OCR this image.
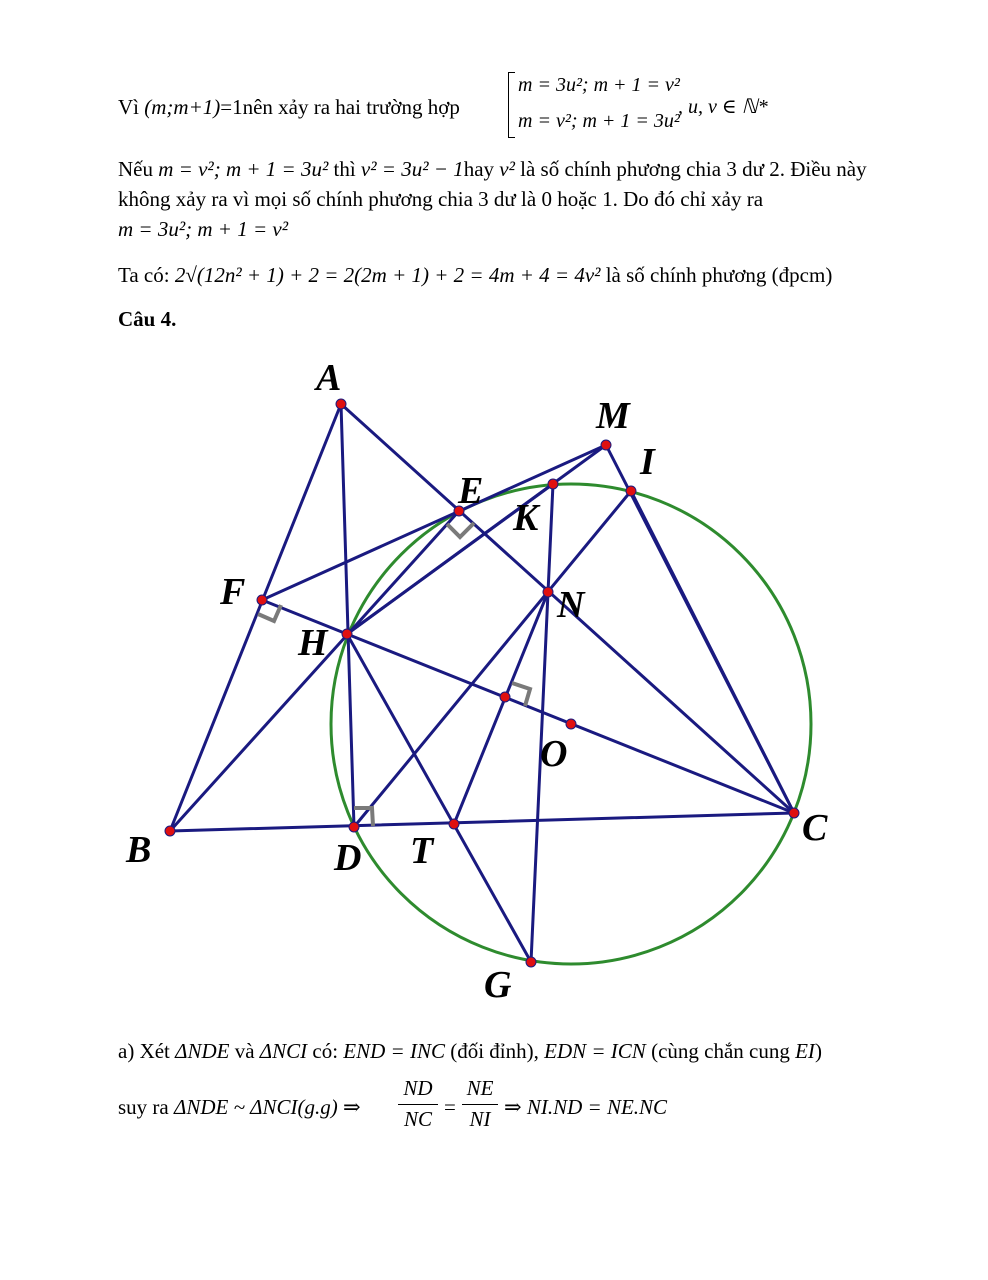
Vì (m;m+1)=1nên xảy ra hai trường hợp
m = 3u²; m + 1 = v²
m = v²; m + 1 = 3u²
, u, v ∈ ℕ*
Nếu m = v²; m + 1 = 3u² thì v² = 3u² − 1hay v² là số chính phương chia 3 dư 2. Điều này
không xảy ra vì mọi số chính phương chia 3 dư là 0 hoặc 1. Do đó chỉ xảy ra
m = 3u²; m + 1 = v²
Ta có: 2√(12n² + 1) + 2 = 2(2m + 1) + 2 = 4m + 4 = 4v² là số chính phương (đpcm)
Câu 4.
A
M
I
E
K
F	N
H
O
B	D T
C
G
a) Xét ΔNDE và ΔNCI có: END = INC (đối đỉnh), EDN = ICN (cùng chắn cung EI)
suy ra ΔNDE ~ ΔNCI(g.g) ⇒
ND
NC =
NE
NI ⇒ NI.ND = NE.NC
